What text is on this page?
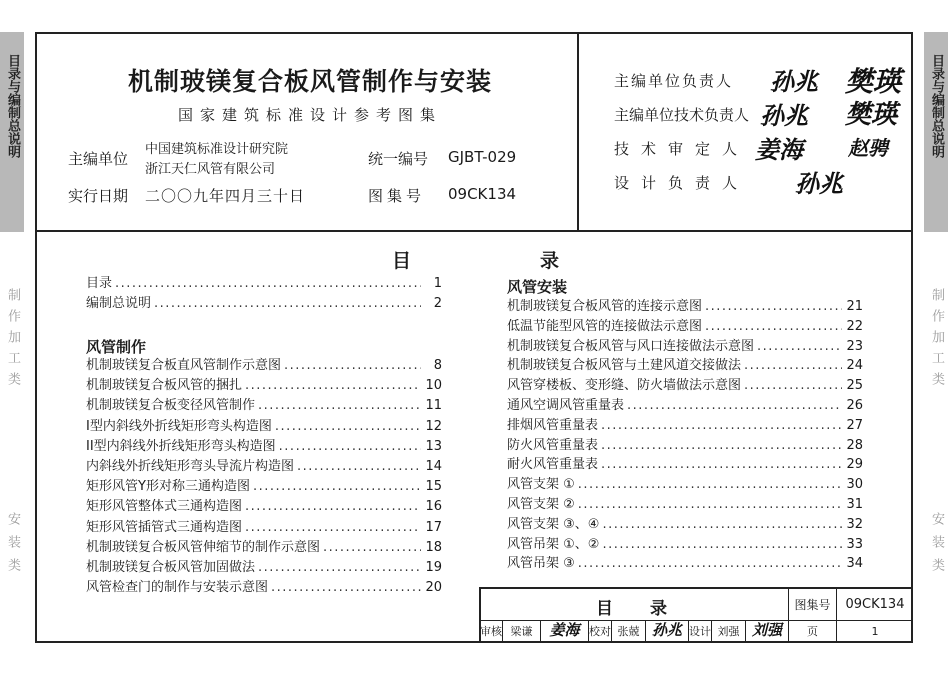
目录与编制总说明
制作加工类
安装类
目录与编制总说明
制作加工类
安装类
机制玻镁复合板风管制作与安装
国家建筑标准设计参考图集
主编单位
中国建筑标准设计研究院
浙江天仁风管有限公司
统一编号 GJBT-029
实行日期 二〇〇九年四月三十日	图集号 09CK134
主编单位负责人 孙兆 樊瑛
主编单位技术负责人 孙兆 樊瑛
技术审定人 姜海 赵骋
设计负责人 孙兆
目	录
目录 .....	1
编制总说明 .....	2
风管制作
机制玻镁复合板直风管制作示意图 .....	8
机制玻镁复合板风管的捆扎 .....	10
机制玻镁复合板变径风管制作 .....	11
I型内斜线外折线矩形弯头构造图 .....	12
II型内斜线外折线矩形弯头构造图 .....	13
内斜线外折线矩形弯头导流片构造图 .....	14
矩形风管Y形对称三通构造图 .....	15
矩形风管整体式三通构造图 .....	16
矩形风管插管式三通构造图 .....	17
机制玻镁复合板风管伸缩节的制作示意图 .....	18
机制玻镁复合板风管加固做法 .....	19
风管检查门的制作与安装示意图 .....	20
风管安装
机制玻镁复合板风管的连接示意图 .....	21
低温节能型风管的连接做法示意图 .....	22
机制玻镁复合板风管与风口连接做法示意图 .....	23
机制玻镁复合板风管与土建风道交接做法 .....	24
风管穿楼板、变形缝、防火墙做法示意图 .....	25
通风空调风管重量表 .....	26
排烟风管重量表 .....	27
防火风管重量表 .....	28
耐火风管重量表 .....	29
风管支架 ① .....	30
风管支架 ② .....	31
风管支架 ③、④ .....	32
风管吊架 ①、② .....	33
风管吊架 ③ .....	34
目 录	图集号	09CK134
审核 梁谦	姜海 校对 张兢 孙兆 设计 刘强 刘强	页	1
